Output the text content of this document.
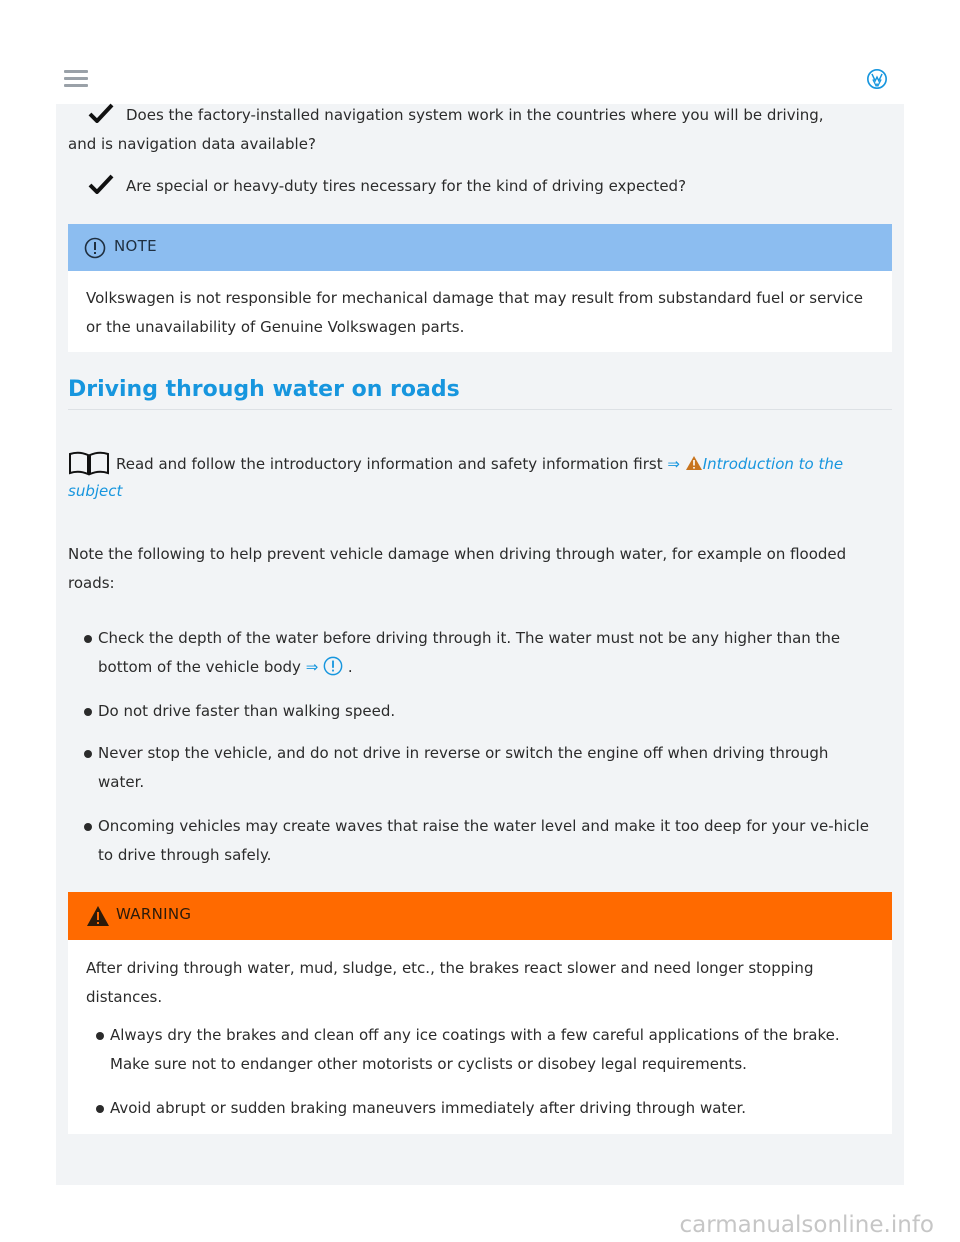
Does the factory-installed navigation system work in the countries where you will be driving,
and is navigation data available?
Are special or heavy-duty tires necessary for the kind of driving expected?
NOTE
Volkswagen is not responsible for mechanical damage that may result from substandard fuel or service or the unavailability of Genuine Volkswagen parts.
Driving through water on roads
Read and follow the introductory information and safety information first ⇒ Introduction to the subject
Note the following to help prevent vehicle damage when driving through water, for example on flooded roads:
Check the depth of the water before driving through it. The water must not be any higher than the bottom of the vehicle body ⇒ .
Do not drive faster than walking speed.
Never stop the vehicle, and do not drive in reverse or switch the engine off when driving through water.
Oncoming vehicles may create waves that raise the water level and make it too deep for your ve-hicle to drive through safely.
WARNING
After driving through water, mud, sludge, etc., the brakes react slower and need longer stopping distances.
Always dry the brakes and clean off any ice coatings with a few careful applications of the brake. Make sure not to endanger other motorists or cyclists or disobey legal requirements.
Avoid abrupt or sudden braking maneuvers immediately after driving through water.
carmanualsonline.info
